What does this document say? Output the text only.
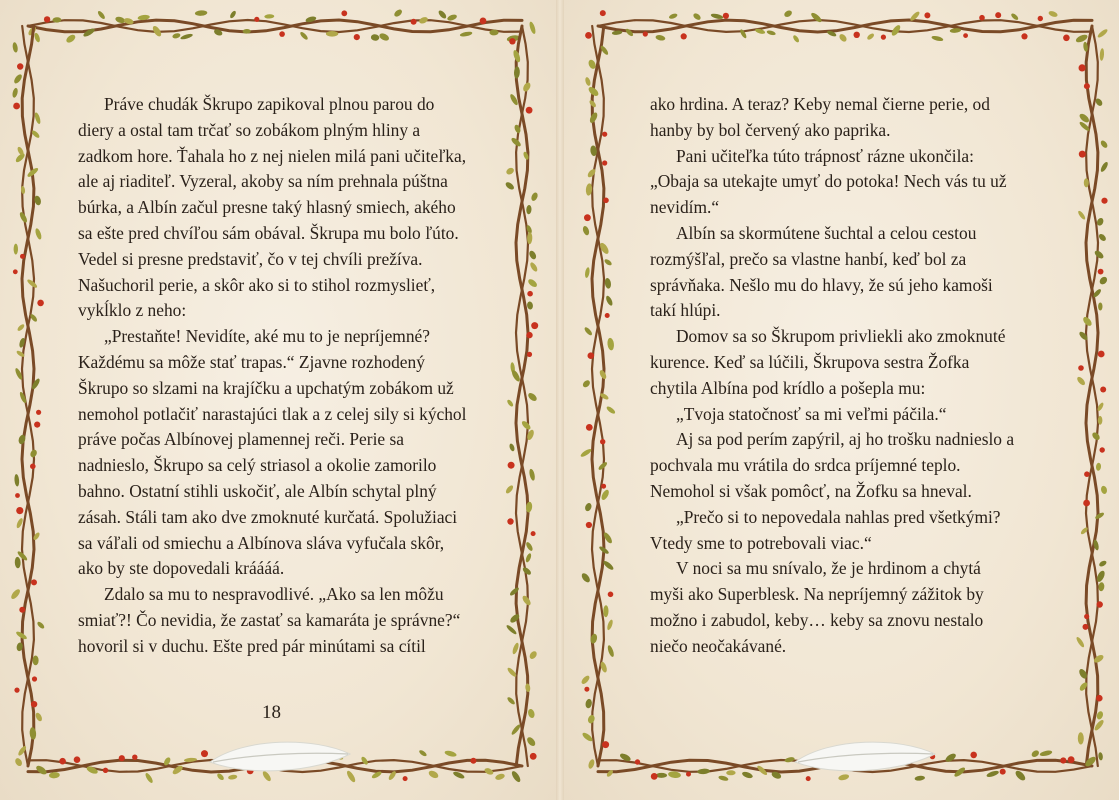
Práve chudák Škrupo zapikoval plnou parou do diery a ostal tam trčať so zobákom plným hliny a zadkom hore. Ťahala ho z nej nielen milá pani učiteľka, ale aj riaditeľ. Vyzeral, akoby sa ním prehnala púštna búrka, a Albín začul presne taký hlasný smiech, akého sa ešte pred chvíľou sám obával. Škrupa mu bolo ľúto. Vedel si presne predstaviť, čo v tej chvíli prežíva. Našuchoril perie, a skôr ako si to stihol rozmyslieť, vykĺklo z neho:

„Prestaňte! Nevidíte, aké mu to je nepríjemné? Každému sa môže stať trapas.“ Zjavne rozhodený Škrupo so slzami na krajíčku a upchatým zobákom už nemohol potlačiť narastajúci tlak a z celej sily si kýchol práve počas Albínovej plamennej reči. Perie sa nadnieslo, Škrupo sa celý striasol a okolie zamorilo bahno. Ostatní stihli uskočiť, ale Albín schytal plný zásah. Stáli tam ako dve zmoknuté kurčatá. Spolužiaci sa váľali od smiechu a Albínova sláva vyfučala skôr, ako by ste dopovedali kráááá.

Zdalo sa mu to nespravodlivé. „Ako sa len môžu smiať?! Čo nevidia, že zastať sa kamaráta je správne?“ hovoril si v duchu. Ešte pred pár minútami sa cítil

18

ako hrdina. A teraz? Keby nemal čierne perie, od hanby by bol červený ako paprika.

Pani učiteľka túto trápnosť rázne ukončila: „Obaja sa utekajte umyť do potoka! Nech vás tu už nevidím.“

Albín sa skormútene šuchtal a celou cestou rozmýšľal, prečo sa vlastne hanbí, keď bol za správňaka. Nešlo mu do hlavy, že sú jeho kamoši takí hlúpi.

Domov sa so Škrupom privliekli ako zmoknuté kurence. Keď sa lúčili, Škrupova sestra Žofka chytila Albína pod krídlo a pošepla mu:

„Tvoja statočnosť sa mi veľmi páčila.“

Aj sa pod perím zapýril, aj ho trošku nadnieslo a pochvala mu vrátila do srdca príjemné teplo. Nemohol si však pomôcť, na Žofku sa hneval.

„Prečo si to nepovedala nahlas pred všetkými? Vtedy sme to potrebovali viac.“

V noci sa mu snívalo, že je hrdinom a chytá myši ako Superblesk. Na nepríjemný zážitok by možno i zabudol, keby… keby sa znovu nestalo niečo neočakávané.
